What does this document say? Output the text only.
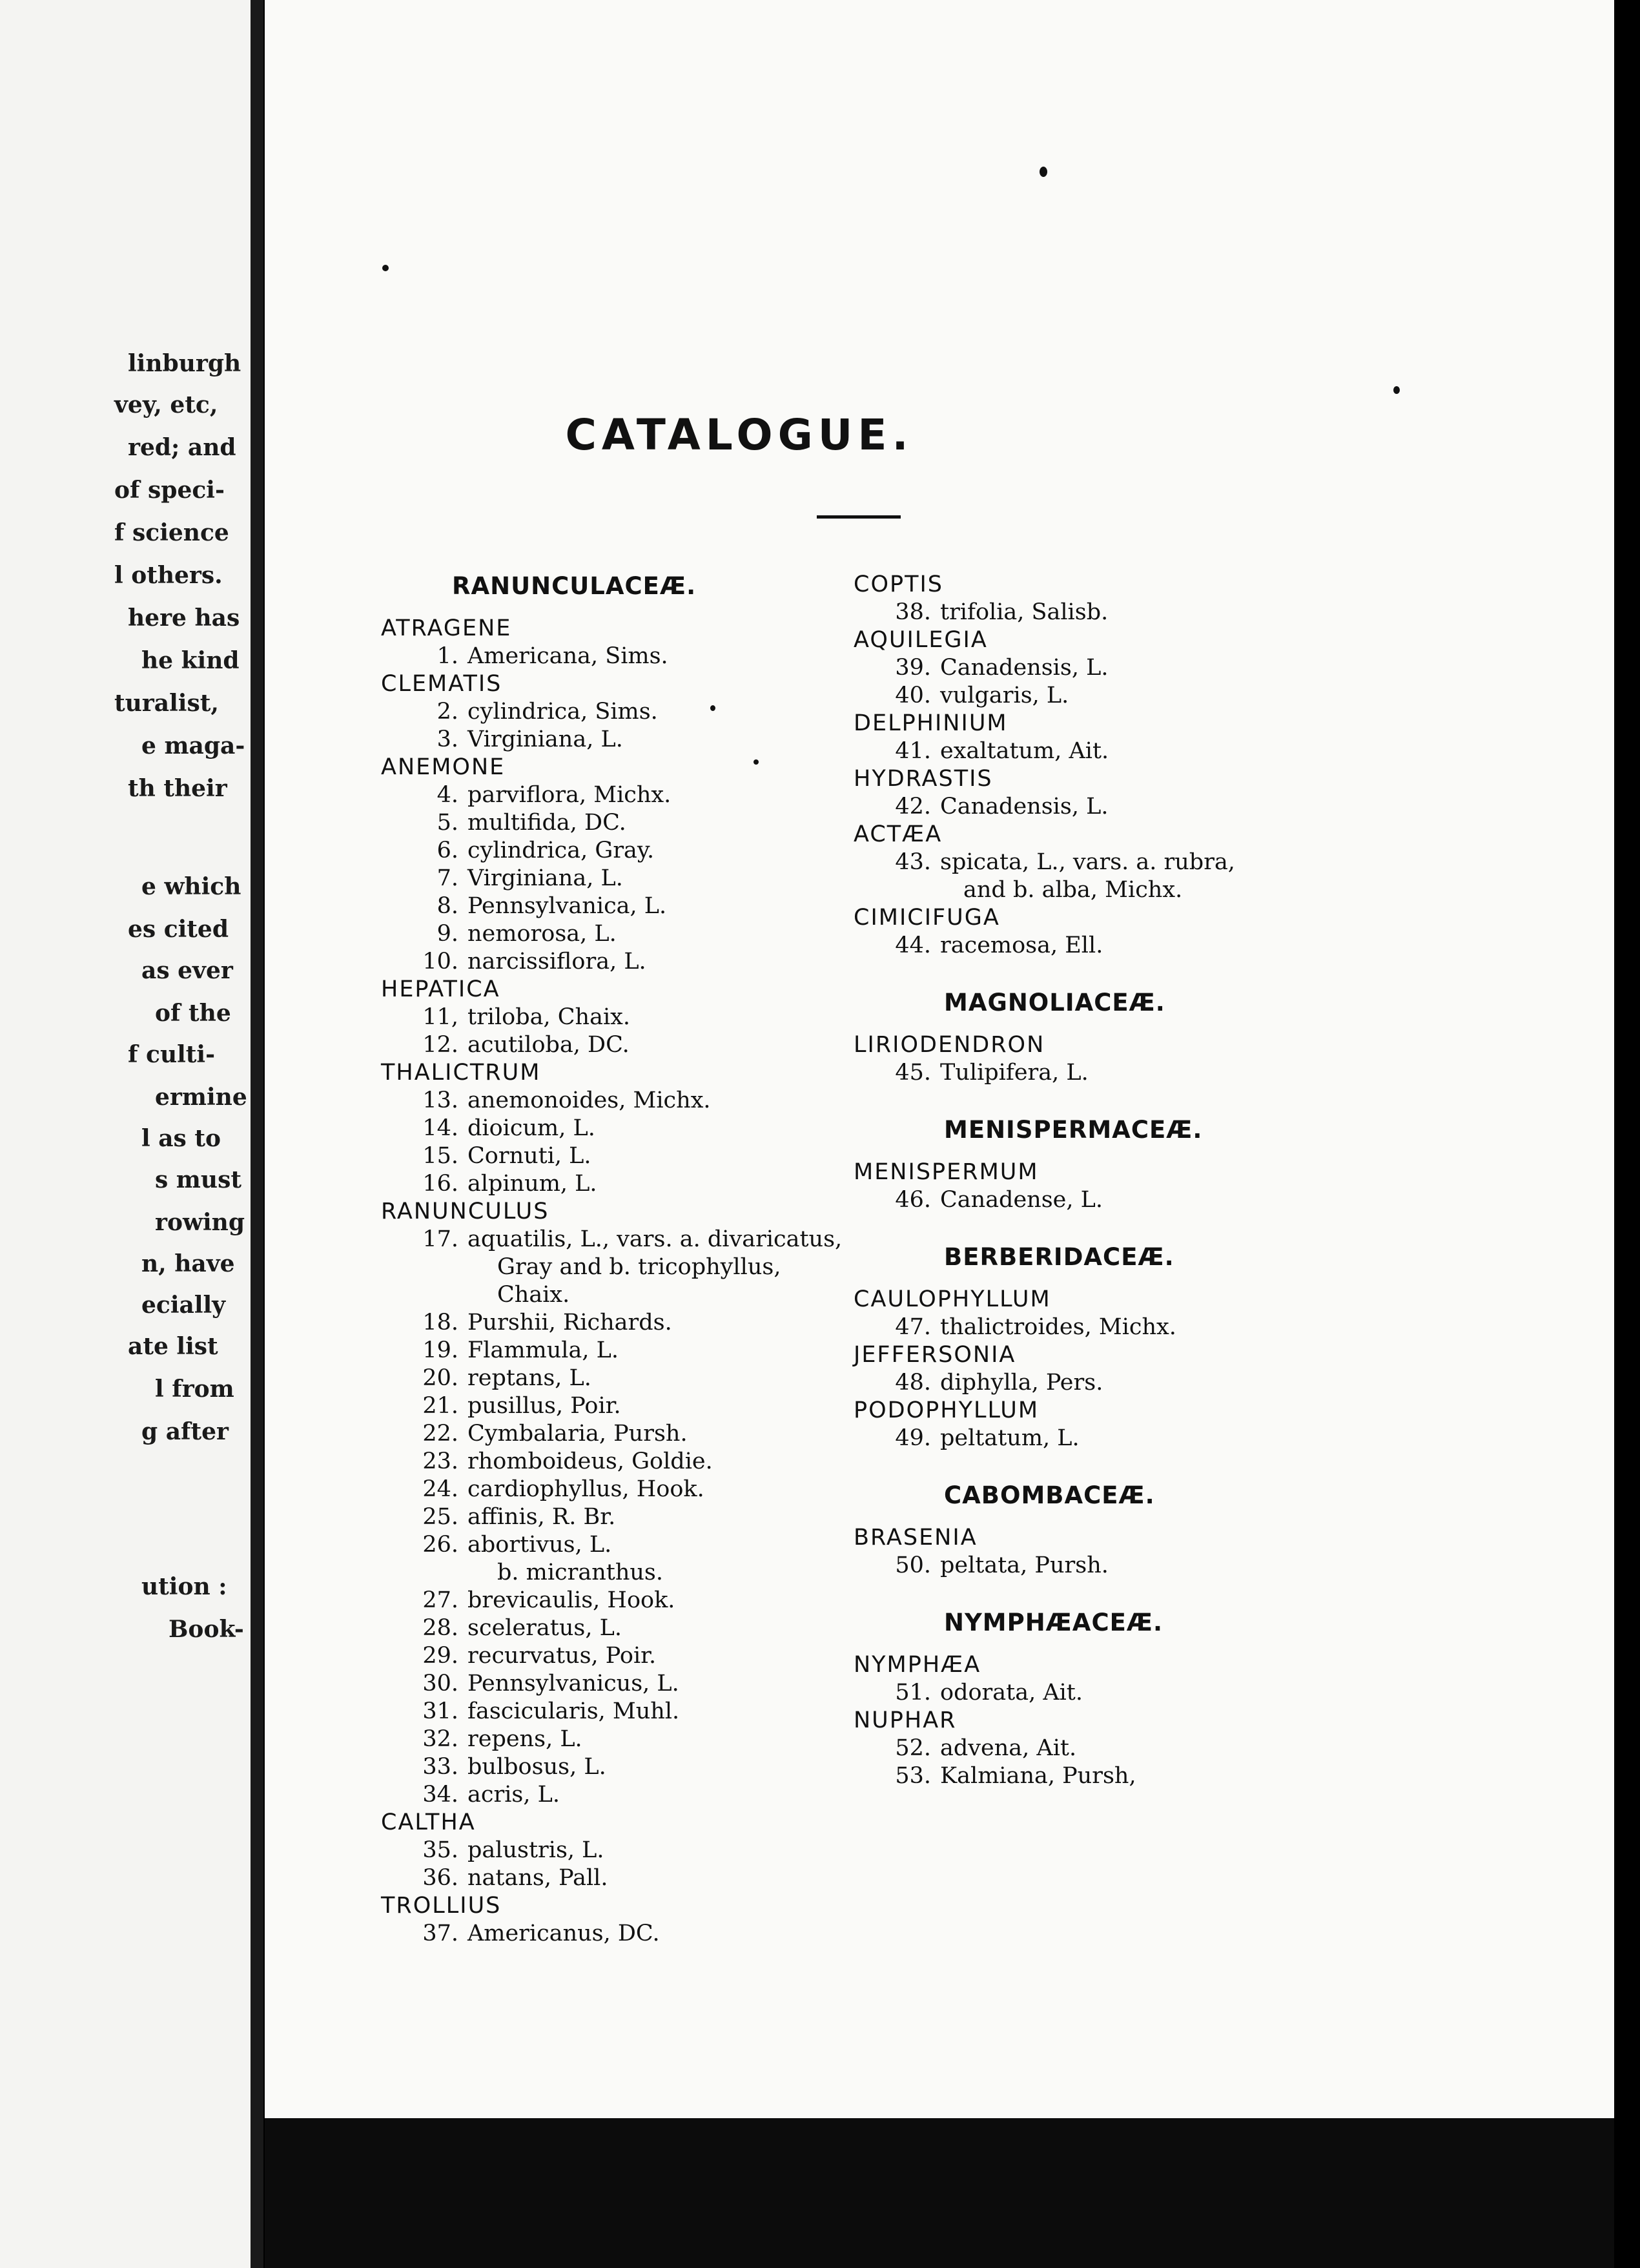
linburgh
vey, etc,
red; and
of speci-
f science
l others.
here has
he kind
turalist,
e maga-
th their
e which
es cited
as ever
of the
f culti-
ermine
l as to
s must
rowing
n, have
ecially
ate list
l from
g after
ution :
Book-
CATALOGUE.
RANUNCULACEÆ.
ATRAGENE
1. Americana, Sims.
CLEMATIS
2. cylindrica, Sims.
3. Virginiana, L.
ANEMONE
4. parviflora, Michx.
5. multifida, DC.
6. cylindrica, Gray.
7. Virginiana, L.
8. Pennsylvanica, L.
9. nemorosa, L.
10. narcissiflora, L.
HEPATICA
11, triloba, Chaix.
12. acutiloba, DC.
THALICTRUM
13. anemonoides, Michx.
14. dioicum, L.
15. Cornuti, L.
16. alpinum, L.
RANUNCULUS
17. aquatilis, L., vars. a. divaricatus,
Gray and b. tricophyllus,
Chaix.
18. Purshii, Richards.
19. Flammula, L.
20. reptans, L.
21. pusillus, Poir.
22. Cymbalaria, Pursh.
23. rhomboideus, Goldie.
24. cardiophyllus, Hook.
25. affinis, R. Br.
26. abortivus, L.
b. micranthus.
27. brevicaulis, Hook.
28. sceleratus, L.
29. recurvatus, Poir.
30. Pennsylvanicus, L.
31. fascicularis, Muhl.
32. repens, L.
33. bulbosus, L.
34. acris, L.
CALTHA
35. palustris, L.
36. natans, Pall.
TROLLIUS
37. Americanus, DC.
COPTIS
38. trifolia, Salisb.
AQUILEGIA
39. Canadensis, L.
40. vulgaris, L.
DELPHINIUM
41. exaltatum, Ait.
HYDRASTIS
42. Canadensis, L.
ACTÆA
43. spicata, L., vars. a. rubra,
and b. alba, Michx.
CIMICIFUGA
44. racemosa, Ell.
MAGNOLIACEÆ.
LIRIODENDRON
45. Tulipifera, L.
MENISPERMACEÆ.
MENISPERMUM
46. Canadense, L.
BERBERIDACEÆ.
CAULOPHYLLUM
47. thalictroides, Michx.
JEFFERSONIA
48. diphylla, Pers.
PODOPHYLLUM
49. peltatum, L.
CABOMBACEÆ.
BRASENIA
50. peltata, Pursh.
NYMPHÆACEÆ.
NYMPHÆA
51. odorata, Ait.
NUPHAR
52. advena, Ait.
53. Kalmiana, Pursh,
